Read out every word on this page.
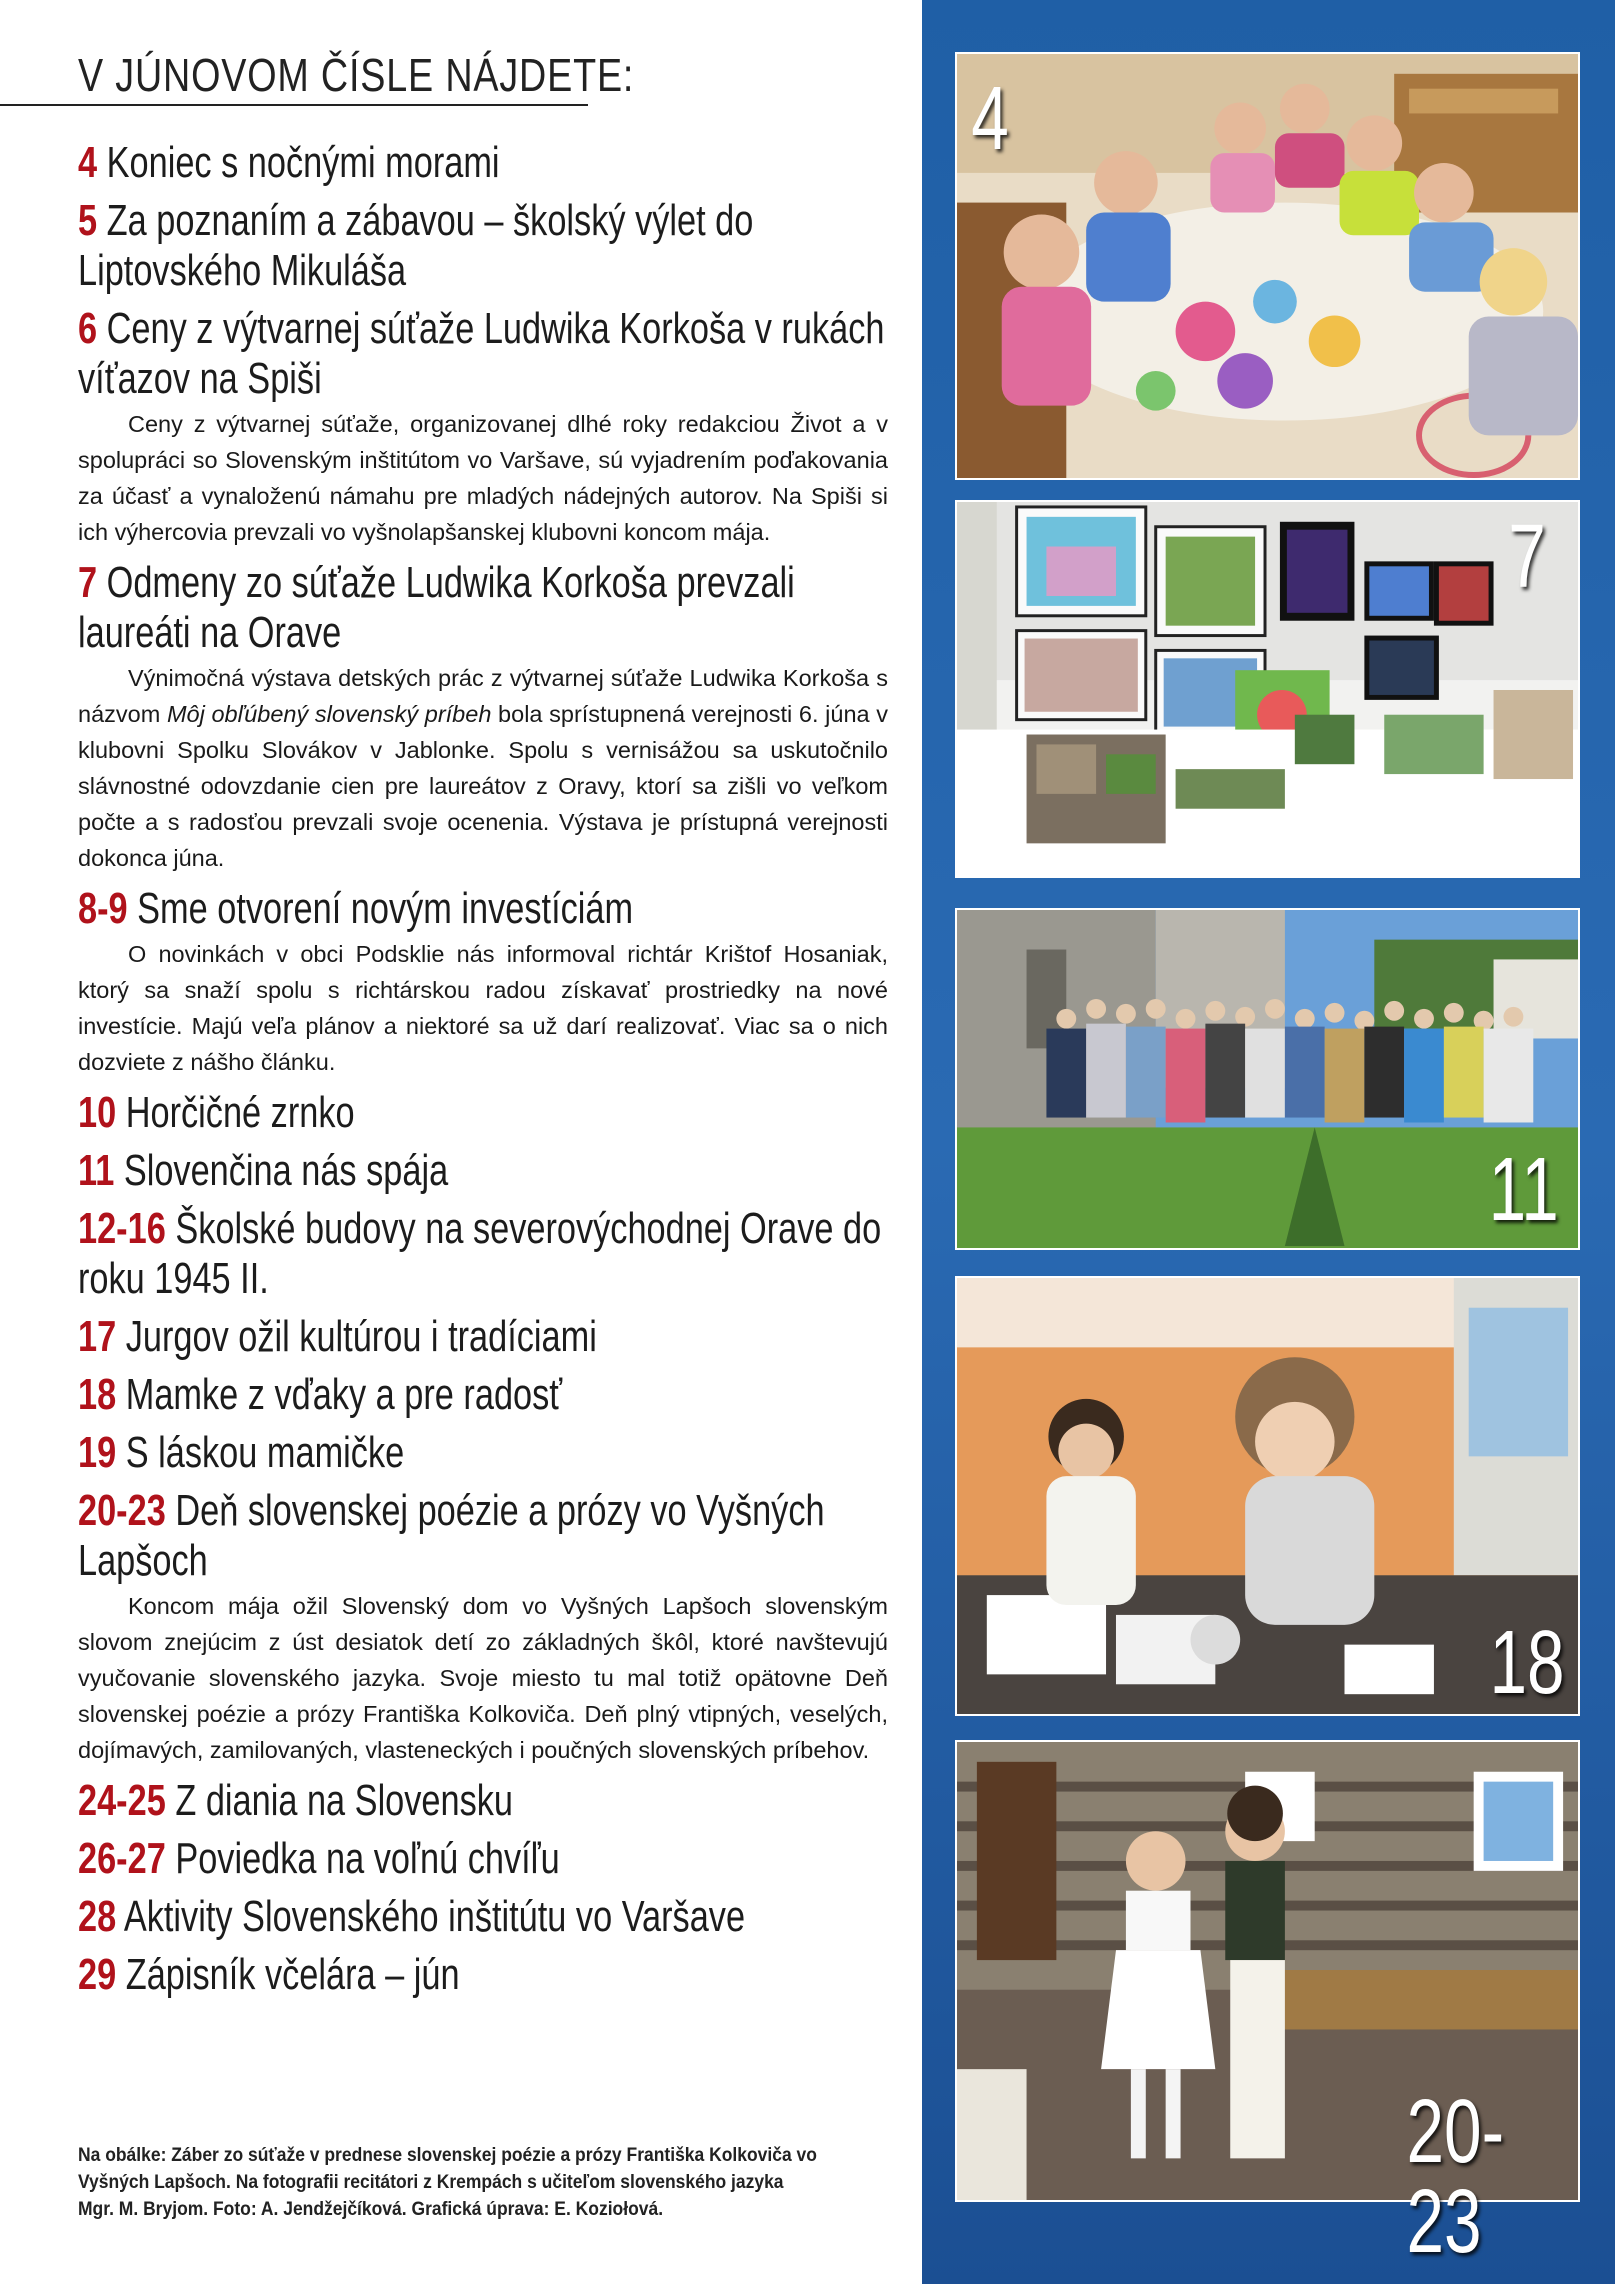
V JÚNOVOM ČÍSLE NÁJDETE:
4 Koniec s nočnými morami
5 Za poznaním a zábavou – školský výlet do Liptovského Mikuláša
6 Ceny z výtvarnej súťaže Ludwika Korkoša v rukách víťazov na Spiši

Ceny z výtvarnej súťaže, organizovanej dlhé roky redakciou Život a v spolupráci so Slovenským inštitútom vo Varšave, sú vyjadrením poďakovania za účasť a vynaloženú námahu pre mladých nádejných autorov. Na Spiši si ich výhercovia prevzali vo vyšnolapšanskej klubovni koncom mája.

7 Odmeny zo súťaže Ludwika Korkoša prevzali laureáti na Orave

Výnimočná výstava detských prác z výtvarnej súťaže Ludwika Korkoša s názvom Môj obľúbený slovenský príbeh bola sprístupnená verejnosti 6. júna v klubovni Spolku Slovákov v Jablonke. Spolu s vernisážou sa uskutočnilo slávnostné odovzdanie cien pre laureátov z Oravy, ktorí sa zišli vo veľkom počte a s radosťou prevzali svoje ocenenia. Výstava je prístupná verejnosti dokonca júna.

8-9 Sme otvorení novým investíciám

O novinkách v obci Podsklie nás informoval richtár Krištof Hosaniak, ktorý sa snaží spolu s richtárskou radou získavať prostriedky na nové investície. Majú veľa plánov a niektoré sa už darí realizovať. Viac sa o nich dozviete z nášho článku.

10 Horčičné zrnko
11 Slovenčina nás spája
12-16 Školské budovy na severovýchodnej Orave do roku 1945 II.
17 Jurgov ožil kultúrou i tradíciami
18 Mamke z vďaky a pre radosť
19 S láskou mamičke
20-23 Deň slovenskej poézie a prózy vo Vyšných Lapšoch

Koncom mája ožil Slovenský dom vo Vyšných Lapšoch slovenským slovom znejúcim z úst desiatok detí zo základných škôl, ktoré navštevujú vyučovanie slovenského jazyka. Svoje miesto tu mal totiž opätovne Deň slovenskej poézie a prózy Františka Kolkoviča. Deň plný vtipných, veselých, dojímavých, zamilovaných, vlasteneckých i poučných slovenských príbehov.

24-25 Z diania na Slovensku
26-27 Poviedka na voľnú chvíľu
28 Aktivity Slovenského inštitútu vo Varšave
29 Zápisník včelára – jún
Na obálke: Záber zo súťaže v prednese slovenskej poézie a prózy Františka Kolkoviča vo Vyšných Lapšoch. Na fotografii recitátori z Krempách s učiteľom slovenského jazyka Mgr. M. Bryjom. Foto: A. Jendžejčíková. Grafická úprava: E. Koziołová.
4
7
11
18
20-23
